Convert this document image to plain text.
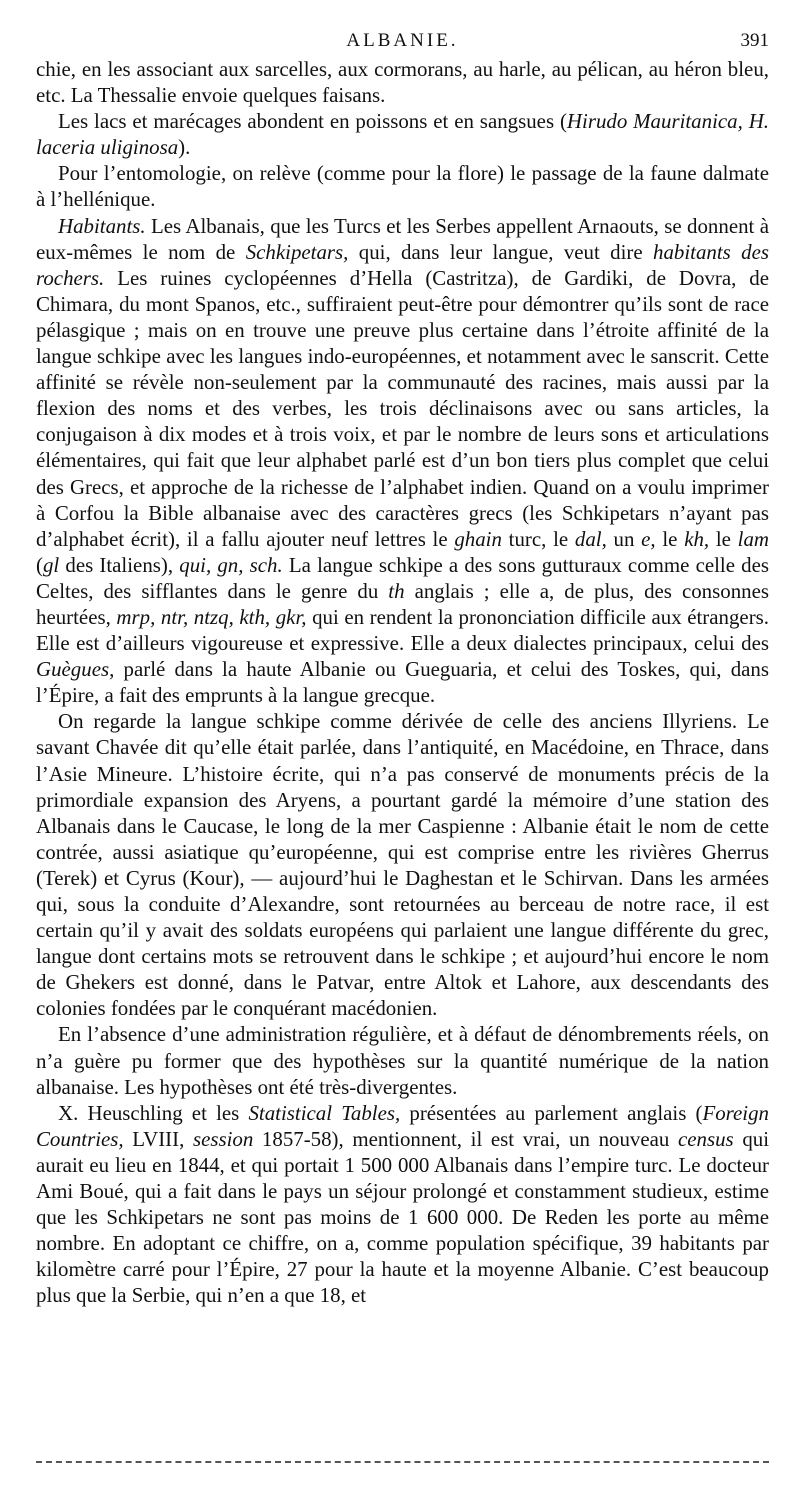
ALBANIE.	391

chie, en les associant aux sarcelles, aux cormorans, au harle, au pélican, au héron bleu, etc. La Thessalie envoie quelques faisans.

Les lacs et marécages abondent en poissons et en sangsues (Hirudo Mauritanica, H. laceria uliginosa).

Pour l’entomologie, on relève (comme pour la flore) le passage de la faune dalmate à l’hellénique.

Habitants. Les Albanais, que les Turcs et les Serbes appellent Arnaouts, se donnent à eux-mêmes le nom de Schkipetars, qui, dans leur langue, veut dire habitants des rochers. Les ruines cyclopéennes d’Hella (Castritza), de Gardiki, de Dovra, de Chimara, du mont Spanos, etc., suffiraient peut-être pour démontrer qu’ils sont de race pélasgique ; mais on en trouve une preuve plus certaine dans l’étroite affinité de la langue schkipe avec les langues indo-européennes, et notamment avec le sanscrit. Cette affinité se révèle non-seulement par la communauté des racines, mais aussi par la flexion des noms et des verbes, les trois déclinaisons avec ou sans articles, la conjugaison à dix modes et à trois voix, et par le nombre de leurs sons et articulations élémentaires, qui fait que leur alphabet parlé est d’un bon tiers plus complet que celui des Grecs, et approche de la richesse de l’alphabet indien. Quand on a voulu imprimer à Corfou la Bible albanaise avec des caractères grecs (les Schkipetars n’ayant pas d’alphabet écrit), il a fallu ajouter neuf lettres le ghain turc, le dal, un e, le kh, le lam (gl des Italiens), qui, gn, sch. La langue schkipe a des sons gutturaux comme celle des Celtes, des sifflantes dans le genre du th anglais ; elle a, de plus, des consonnes heurtées, mrp, ntr, ntzq, kth, gkr, qui en rendent la prononciation difficile aux étrangers. Elle est d’ailleurs vigoureuse et expressive. Elle a deux dialectes principaux, celui des Guègues, parlé dans la haute Albanie ou Gueguaria, et celui des Toskes, qui, dans l’Épire, a fait des emprunts à la langue grecque.

On regarde la langue schkipe comme dérivée de celle des anciens Illyriens. Le savant Chavée dit qu’elle était parlée, dans l’antiquité, en Macédoine, en Thrace, dans l’Asie Mineure. L’histoire écrite, qui n’a pas conservé de monuments précis de la primordiale expansion des Aryens, a pourtant gardé la mémoire d’une station des Albanais dans le Caucase, le long de la mer Caspienne : Albanie était le nom de cette contrée, aussi asiatique qu’européenne, qui est comprise entre les rivières Gherrus (Terek) et Cyrus (Kour), — aujourd’hui le Daghestan et le Schirvan. Dans les armées qui, sous la conduite d’Alexandre, sont retournées au berceau de notre race, il est certain qu’il y avait des soldats européens qui parlaient une langue différente du grec, langue dont certains mots se retrouvent dans le schkipe ; et aujourd’hui encore le nom de Ghekers est donné, dans le Patvar, entre Altok et Lahore, aux descendants des colonies fondées par le conquérant macédonien.

En l’absence d’une administration régulière, et à défaut de dénombrements réels, on n’a guère pu former que des hypothèses sur la quantité numérique de la nation albanaise. Les hypothèses ont été très-divergentes.

X. Heuschling et les Statistical Tables, présentées au parlement anglais (Foreign Countries, LVIII, session 1857-58), mentionnent, il est vrai, un nouveau census qui aurait eu lieu en 1844, et qui portait 1 500 000 Albanais dans l’empire turc. Le docteur Ami Boué, qui a fait dans le pays un séjour prolongé et constamment studieux, estime que les Schkipetars ne sont pas moins de 1 600 000. De Reden les porte au même nombre. En adoptant ce chiffre, on a, comme population spécifique, 39 habitants par kilomètre carré pour l’Épire, 27 pour la haute et la moyenne Albanie. C’est beaucoup plus que la Serbie, qui n’en a que 18, et
